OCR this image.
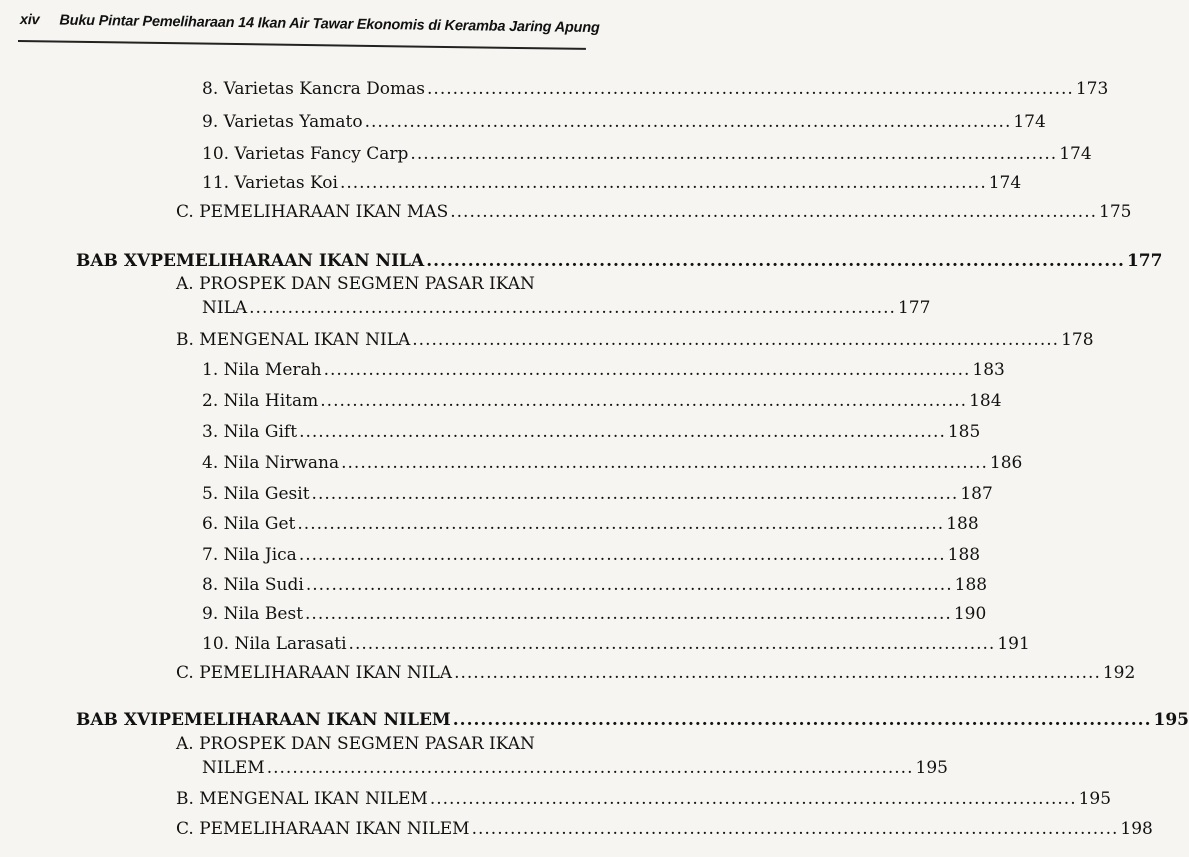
xiv Buku Pintar Pemeliharaan 14 Ikan Air Tawar Ekonomis di Keramba Jaring Apung
8. Varietas Kancra Domas ..................................................................................................... 173
9. Varietas Yamato ..................................................................................................... 174
10. Varietas Fancy Carp ..................................................................................................... 174
11. Varietas Koi ..................................................................................................... 174
C. PEMELIHARAAN IKAN MAS ..................................................................................................... 175
BAB XV PEMELIHARAAN IKAN NILA ..................................................................................................... 177
A. PROSPEK DAN SEGMEN PASAR IKAN
NILA ..................................................................................................... 177
B. MENGENAL IKAN NILA ..................................................................................................... 178
1. Nila Merah ..................................................................................................... 183
2. Nila Hitam ..................................................................................................... 184
3. Nila Gift ..................................................................................................... 185
4. Nila Nirwana ..................................................................................................... 186
5. Nila Gesit ..................................................................................................... 187
6. Nila Get ..................................................................................................... 188
7. Nila Jica ..................................................................................................... 188
8. Nila Sudi ..................................................................................................... 188
9. Nila Best ..................................................................................................... 190
10. Nila Larasati ..................................................................................................... 191
C. PEMELIHARAAN IKAN NILA ..................................................................................................... 192
BAB XVI PEMELIHARAAN IKAN NILEM ..................................................................................................... 195
A. PROSPEK DAN SEGMEN PASAR IKAN
NILEM ..................................................................................................... 195
B. MENGENAL IKAN NILEM ..................................................................................................... 195
C. PEMELIHARAAN IKAN NILEM ..................................................................................................... 198
